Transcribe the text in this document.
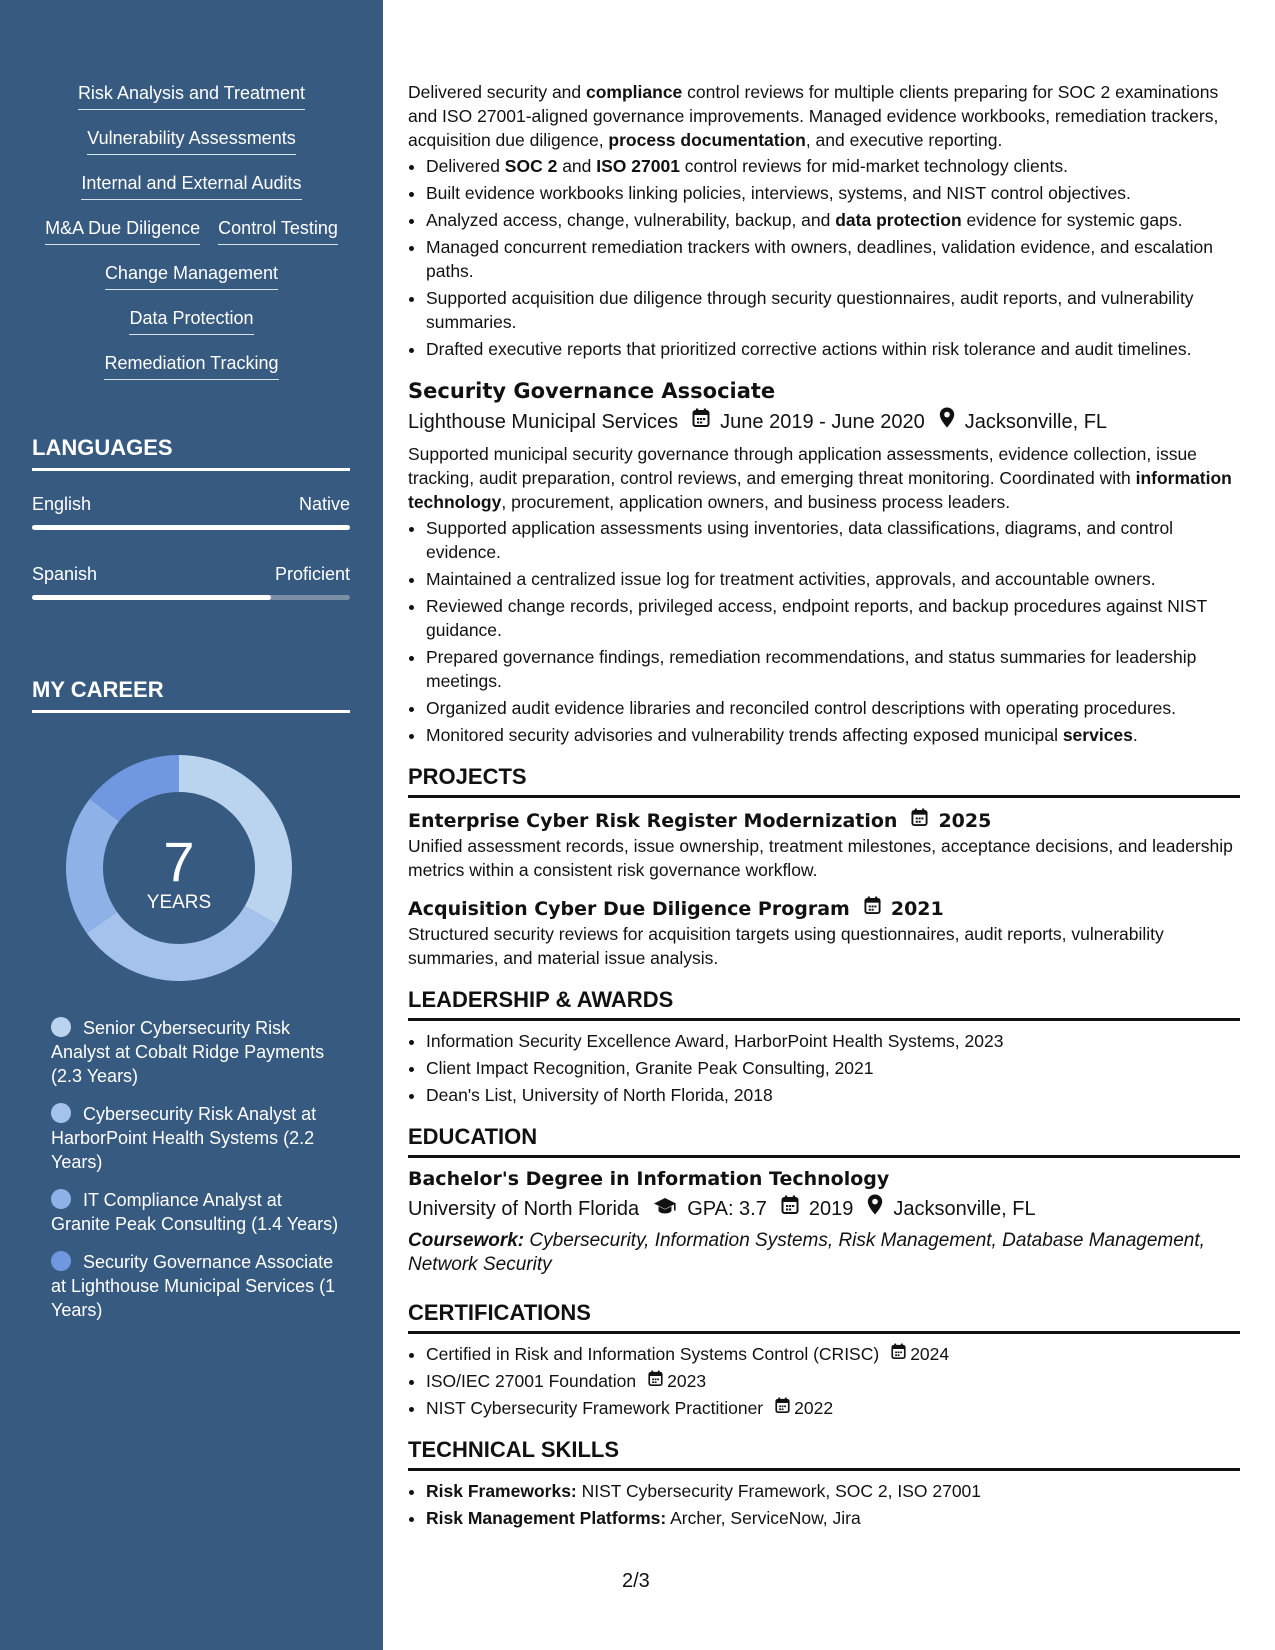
Risk Analysis and Treatment
Vulnerability Assessments
Internal and External Audits
M&A Due Diligence Control Testing
Change Management
Data Protection
Remediation Tracking
LANGUAGES
English	Native
Spanish	Proficient
MY CAREER
7
YEARS
Senior Cybersecurity Risk Analyst at Cobalt Ridge Payments (2.3 Years)
Cybersecurity Risk Analyst at HarborPoint Health Systems (2.2 Years)
IT Compliance Analyst at Granite Peak Consulting (1.4 Years)
Security Governance Associate at Lighthouse Municipal Services (1 Years)

Delivered security and compliance control reviews for multiple clients preparing for SOC 2 examinations and ISO 27001-aligned governance improvements. Managed evidence workbooks, remediation trackers, acquisition due diligence, process documentation, and executive reporting.

• Delivered SOC 2 and ISO 27001 control reviews for mid-market technology clients.
• Built evidence workbooks linking policies, interviews, systems, and NIST control objectives.
• Analyzed access, change, vulnerability, backup, and data protection evidence for systemic gaps.
• Managed concurrent remediation trackers with owners, deadlines, validation evidence, and escalation paths.
• Supported acquisition due diligence through security questionnaires, audit reports, and vulnerability summaries.
• Drafted executive reports that prioritized corrective actions within risk tolerance and audit timelines.
Security Governance Associate
Lighthouse Municipal Services June 2019 - June 2020 Jacksonville, FL

Supported municipal security governance through application assessments, evidence collection, issue tracking, audit preparation, control reviews, and emerging threat monitoring. Coordinated with information technology, procurement, application owners, and business process leaders.

• Supported application assessments using inventories, data classifications, diagrams, and control evidence.
• Maintained a centralized issue log for treatment activities, approvals, and accountable owners.
• Reviewed change records, privileged access, endpoint reports, and backup procedures against NIST guidance.
• Prepared governance findings, remediation recommendations, and status summaries for leadership meetings.
• Organized audit evidence libraries and reconciled control descriptions with operating procedures.
• Monitored security advisories and vulnerability trends affecting exposed municipal services.
PROJECTS
Enterprise Cyber Risk Register Modernization 2025

Unified assessment records, issue ownership, treatment milestones, acceptance decisions, and leadership metrics within a consistent risk governance workflow.

Acquisition Cyber Due Diligence Program 2021

Structured security reviews for acquisition targets using questionnaires, audit reports, vulnerability summaries, and material issue analysis.

LEADERSHIP & AWARDS
• Information Security Excellence Award, HarborPoint Health Systems, 2023
• Client Impact Recognition, Granite Peak Consulting, 2021
• Dean's List, University of North Florida, 2018
EDUCATION
Bachelor's Degree in Information Technology
University of North Florida GPA: 3.7 2019 Jacksonville, FL

Coursework: Cybersecurity, Information Systems, Risk Management, Database Management, Network Security

CERTIFICATIONS
• Certified in Risk and Information Systems Control (CRISC) 2024
• ISO/IEC 27001 Foundation 2023
• NIST Cybersecurity Framework Practitioner 2022
TECHNICAL SKILLS
• Risk Frameworks: NIST Cybersecurity Framework, SOC 2, ISO 27001
• Risk Management Platforms: Archer, ServiceNow, Jira
2/3
